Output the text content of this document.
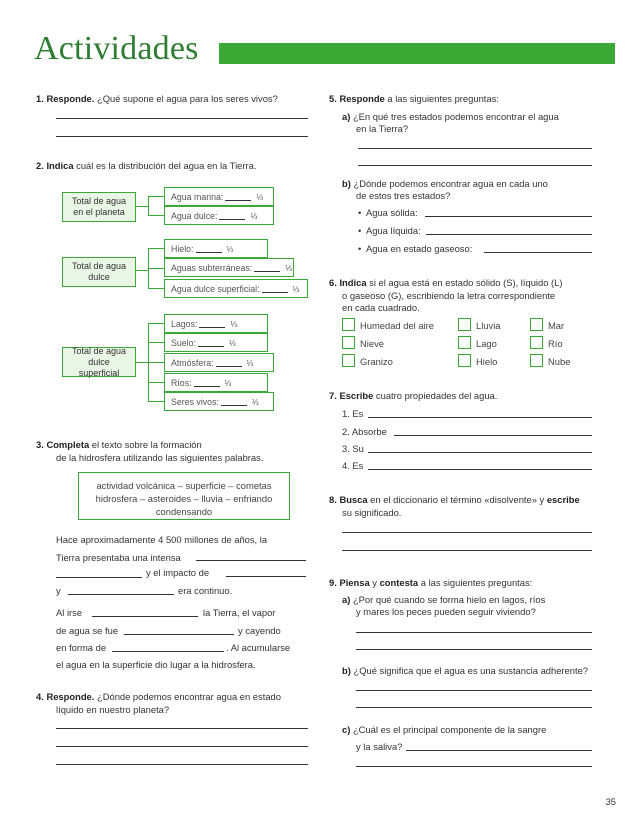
Actividades
1. Responde. ¿Qué supone el agua para los seres vivos?
2. Indica cuál es la distribución del agua en la Tierra.
Total de agua en el planeta
Agua marina:	⅓
Agua dulce:	⅓
Total de agua dulce
Hielo:	⅓
Aguas subterráneas:	⅓
Agua dulce superficial:	⅓
Total de agua dulce superficial
Lagos:	⅓
Suelo:	⅓
Atmósfera:	⅓
Ríos:	⅓
Seres vivos:	⅓
3. Completa el texto sobre la formación
de la hidrosfera utilizando las siguientes palabras.
actividad volcánica – superficie – cometas hidrosfera – asteroides – lluvia – enfriando condensando
Hace aproximadamente 4 500 millones de años, la
Tierra presentaba una intensa
y el impacto de
y	era continuo.
Al irse	la Tierra, el vapor
de agua se fue	y cayendo
en forma de	. Al acumularse
el agua en la superficie dio lugar a la hidrosfera.
4. Responde. ¿Dónde podemos encontrar agua en estado
líquido en nuestro planeta?
5. Responde a las siguientes preguntas:
a) ¿En qué tres estados podemos encontrar el agua
en la Tierra?
b) ¿Dónde podemos encontrar agua en cada uno
de estos tres estados?
•  Agua sólida:
•  Agua líquida:
•  Agua en estado gaseoso:
6. Indica si el agua está en estado sólido (S), líquido (L)
o gaseoso (G), escribiendo la letra correspondiente
en cada cuadrado.
Humedad del aire	Lluvia	Mar
Nieve	Lago	Río
Granizo	Hielo	Nube
7. Escribe cuatro propiedades del agua.
1. Es
2. Absorbe
3. Su
4. Es
8. Busca en el diccionario el término «disolvente» y escribe
su significado.
9. Piensa y contesta a las siguientes preguntas:
a) ¿Por qué cuando se forma hielo en lagos, ríos
y mares los peces pueden seguir viviendo?
b) ¿Qué significa que el agua es una sustancia adherente?
c) ¿Cuál es el principal componente de la sangre
y la saliva?
35
